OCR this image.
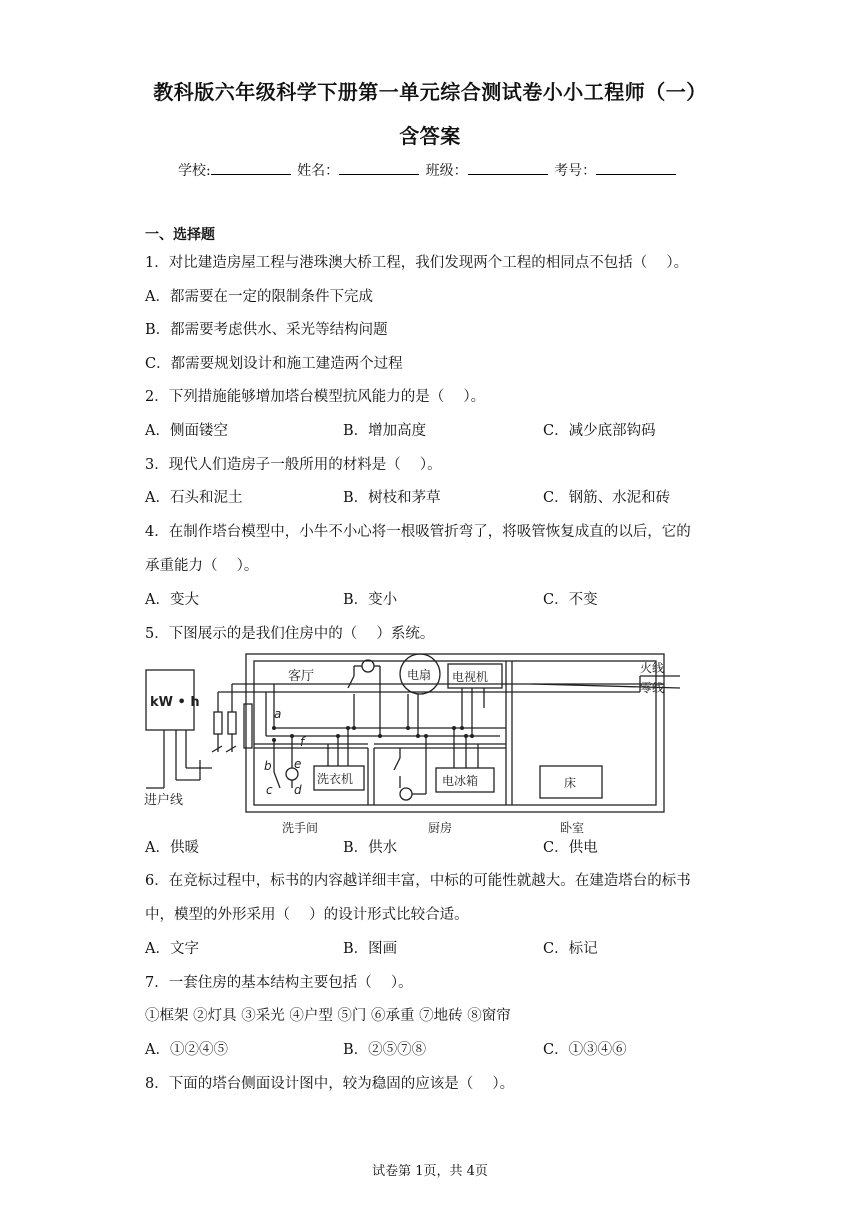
教科版六年级科学下册第一单元综合测试卷小小工程师（一）
含答案
学校:	姓名：	班级：	考号：
一、选择题
1．对比建造房屋工程与港珠澳大桥工程，我们发现两个工程的相同点不包括（　 ）。
A．都需要在一定的限制条件下完成
B．都需要考虑供水、采光等结构问题
C．都需要规划设计和施工建造两个过程
2．下列措施能够增加塔台模型抗风能力的是（　 ）。
A．侧面镂空	B．增加高度	C．减少底部钩码
3．现代人们造房子一般所用的材料是（　 ）。
A．石头和泥土	B．树枝和茅草	C．钢筋、水泥和砖
4．在制作塔台模型中，小牛不小心将一根吸管折弯了，将吸管恢复成直的以后，它的
承重能力（　 ）。
A．变大	B．变小	C．不变
5．下图展示的是我们住房中的（　 ）系统。
kW • h
进户线
火线
零线
客厅	电扇 电视机
洗衣机	电冰箱	床
洗手间	厨房	卧室
a
b
c d
e
f
A．供暖	B．供水	C．供电
6．在竞标过程中，标书的内容越详细丰富，中标的可能性就越大。在建造塔台的标书
中，模型的外形采用（　 ）的设计形式比较合适。
A．文字	B．图画	C．标记
7．一套住房的基本结构主要包括（　 ）。
①框架 ②灯具 ③采光 ④户型 ⑤门 ⑥承重 ⑦地砖 ⑧窗帘
A．①②④⑤	B．②⑤⑦⑧	C．①③④⑥
8．下面的塔台侧面设计图中，较为稳固的应该是（　 ）。
试卷第 1页，共 4页
